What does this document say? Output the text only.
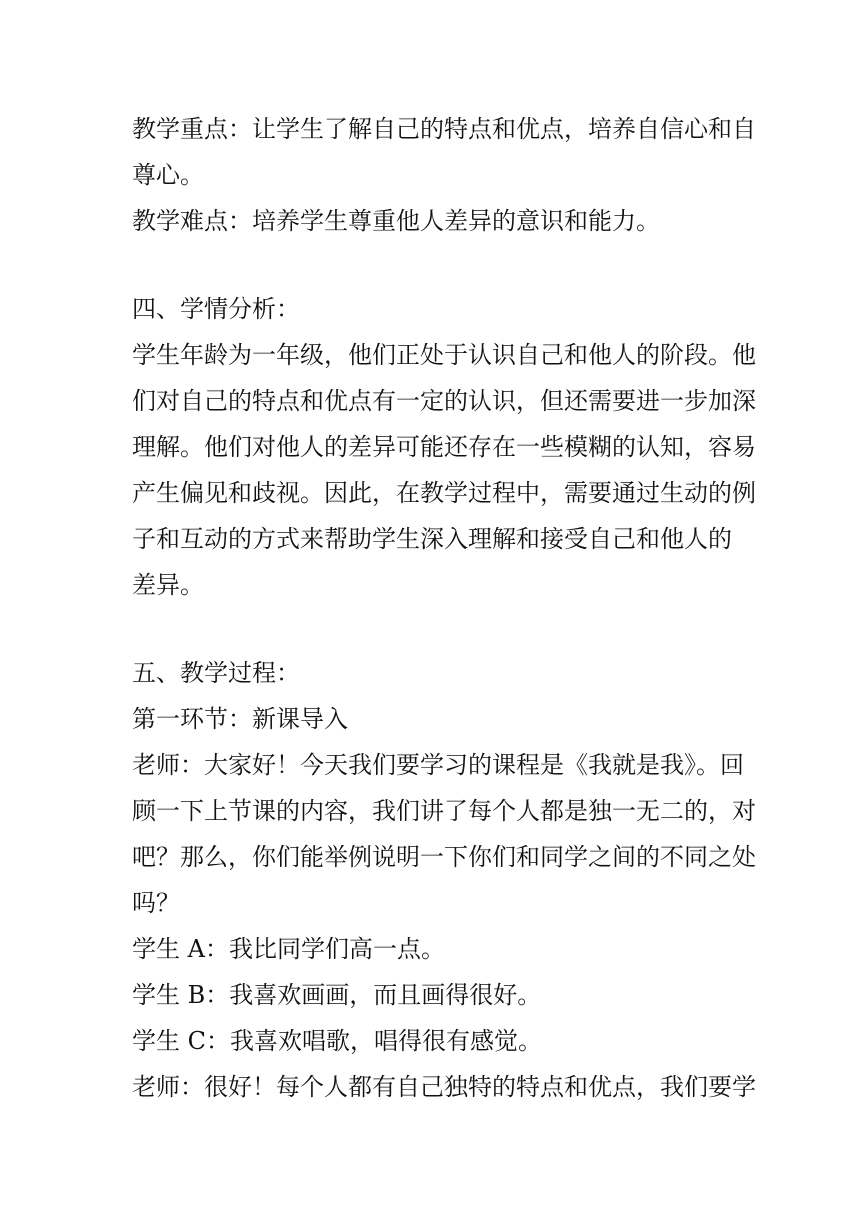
教学重点：让学生了解自己的特点和优点，培养自信心和自
尊心。
教学难点：培养学生尊重他人差异的意识和能力。
四、学情分析：
学生年龄为一年级，他们正处于认识自己和他人的阶段。他
们对自己的特点和优点有一定的认识，但还需要进一步加深
理解。他们对他人的差异可能还存在一些模糊的认知，容易
产生偏见和歧视。因此，在教学过程中，需要通过生动的例
子和互动的方式来帮助学生深入理解和接受自己和他人的
差异。
五、教学过程：
第一环节：新课导入
老师：大家好！今天我们要学习的课程是《我就是我》。回
顾一下上节课的内容，我们讲了每个人都是独一无二的，对
吧？那么，你们能举例说明一下你们和同学之间的不同之处
吗？
学生 A：我比同学们高一点。
学生 B：我喜欢画画，而且画得很好。
学生 C：我喜欢唱歌，唱得很有感觉。
老师：很好！每个人都有自己独特的特点和优点，我们要学
